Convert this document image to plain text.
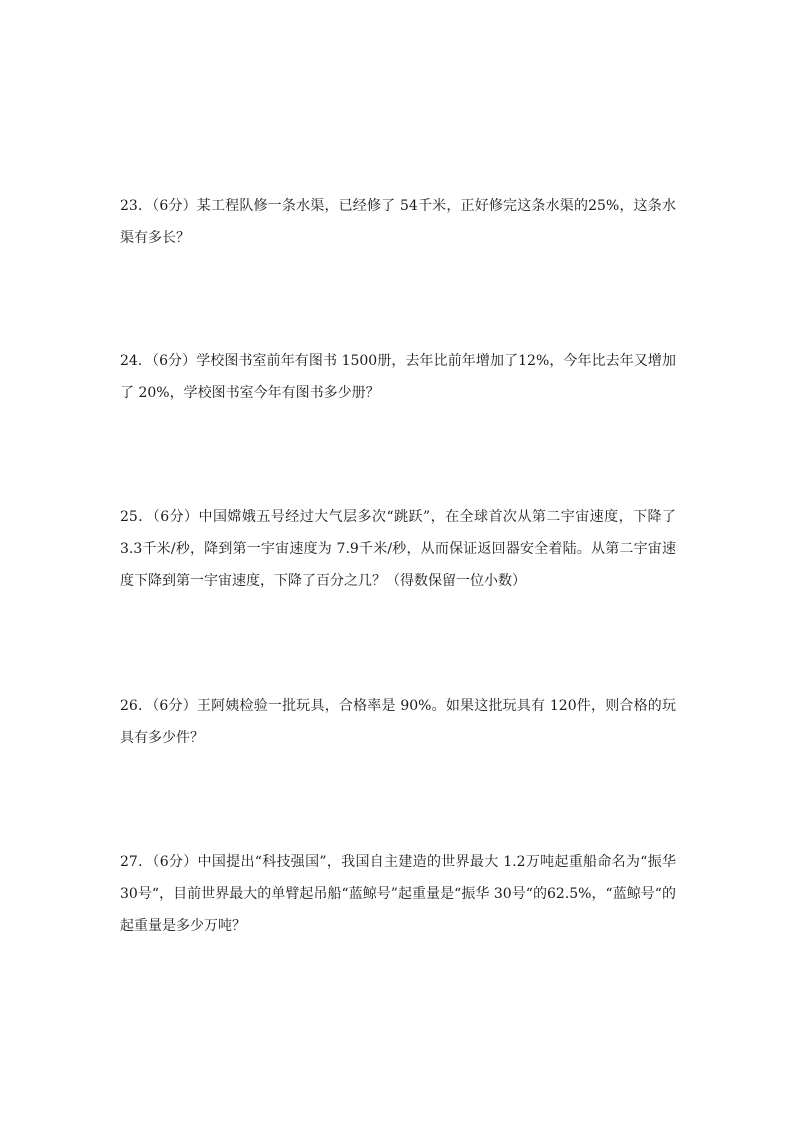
23．（6分）某工程队修一条水渠，已经修了 54千米，正好修完这条水渠的25%，这条水渠有多长？
24．（6分）学校图书室前年有图书 1500册，去年比前年增加了12%，今年比去年又增加了 20%，学校图书室今年有图书多少册？
25．（6分）中国嫦娥五号经过大气层多次“跳跃”，在全球首次从第二宇宙速度，下降了3.3千米/秒，降到第一宇宙速度为 7.9千米/秒，从而保证返回器安全着陆。从第二宇宙速度下降到第一宇宙速度，下降了百分之几？（得数保留一位小数）
26．（6分）王阿姨检验一批玩具，合格率是 90%。如果这批玩具有 120件，则合格的玩具有多少件？
27．（6分）中国提出“科技强国”，我国自主建造的世界最大 1.2万吨起重船命名为“振华 30号“，目前世界最大的单臂起吊船“蓝鲸号”起重量是“振华 30号“的62.5%，“蓝鲸号“的起重量是多少万吨？
